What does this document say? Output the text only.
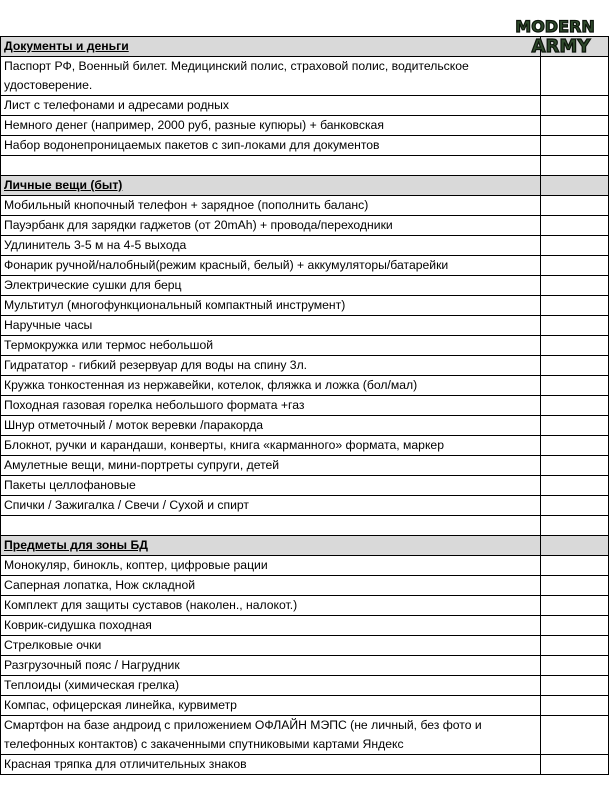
MODERN
ARMY
Документы и деньги	
Паспорт РФ, Военный билет. Медицинский полис, страховой полис, водительское удостоверение.	
Лист с телефонами и адресами родных	
Немного денег (например, 2000 руб, разные купюры) + банковская	
Набор водонепроницаемых пакетов с зип-локами для документов	

Личные вещи (быт)	
Мобильный кнопочный телефон + зарядное (пополнить баланс)	
Пауэрбанк для зарядки гаджетов (от 20mAh) + провода/переходники	
Удлинитель 3-5 м на 4-5 выхода	
Фонарик ручной/налобный(режим красный, белый) + аккумуляторы/батарейки	
Электрические сушки для берц	
Мультитул (многофункциональный компактный инструмент)	
Наручные часы	
Термокружка или термос небольшой	
Гидрататор - гибкий резервуар для воды на спину 3л.	
Кружка тонкостенная из нержавейки, котелок, фляжка и ложка (бол/мал)	
Походная газовая горелка небольшого формата +газ	
Шнур отметочный / моток веревки /паракорда	
Блокнот, ручки и карандаши, конверты, книга «карманного» формата, маркер	
Амулетные вещи, мини-портреты супруги, детей	
Пакеты целлофановые	
Спички / Зажигалка / Свечи / Сухой и спирт	

Предметы для зоны БД	
Монокуляр, бинокль, коптер, цифровые рации	
Саперная лопатка, Нож складной	
Комплект для защиты суставов (наколен., налокот.)	
Коврик-сидушка походная	
Стрелковые очки	
Разгрузочный пояс / Нагрудник	
Теплоиды (химическая грелка)	
Компас, офицерская линейка, курвиметр	
Смартфон на базе андроид с приложением ОФЛАЙН МЭПС (не личный, без фото и телефонных контактов) с закаченными спутниковыми картами Яндекс	
Красная тряпка для отличительных знаков	
